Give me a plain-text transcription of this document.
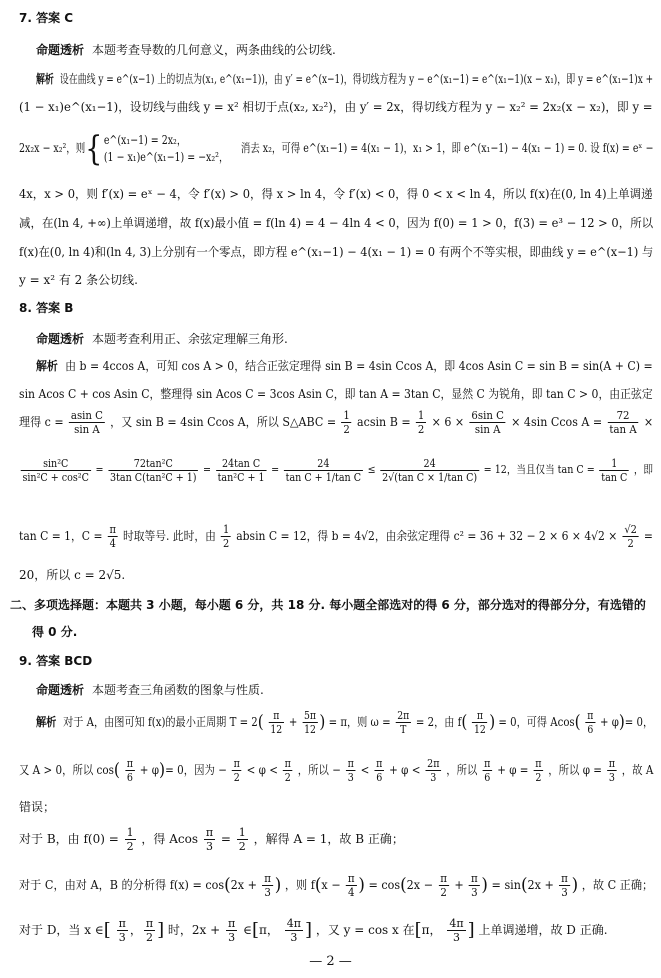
7. 答案 C
命题透析 本题考查导数的几何意义，两条曲线的公切线.
解析 设在曲线 y = e^(x−1) 上的切点为(x₁, e^(x₁−1))，由 y′ = e^(x−1)，得切线方程为 y − e^(x₁−1) = e^(x₁−1)(x − x₁)，即 y = e^(x₁−1)x +
(1 − x₁)e^(x₁−1)，设切线与曲线 y = x² 相切于点(x₂, x₂²)，由 y′ = 2x，得切线方程为 y − x₂² = 2x₂(x − x₂)，即 y =
2x₂x − x₂²，则{ e^(x₁−1) = 2x₂，
(1 − x₁)e^(x₁−1) = −x₂²，
消去 x₂，可得 e^(x₁−1) = 4(x₁ − 1)，x₁ > 1，即 e^(x₁−1) − 4(x₁ − 1) = 0. 设 f(x) = eˣ −
4x，x > 0，则 f′(x) = eˣ − 4，令 f′(x) > 0，得 x > ln 4，令 f′(x) < 0，得 0 < x < ln 4，所以 f(x)在(0, ln 4)上单调递
减，在(ln 4, +∞)上单调递增，故 f(x)最小值 = f(ln 4) = 4 − 4ln 4 < 0，因为 f(0) = 1 > 0，f(3) = e³ − 12 > 0，所以
f(x)在(0, ln 4)和(ln 4, 3)上分别有一个零点，即方程 e^(x₁−1) − 4(x₁ − 1) = 0 有两个不等实根，即曲线 y = e^(x−1) 与
y = x² 有 2 条公切线.
8. 答案 B
命题透析 本题考查利用正、余弦定理解三角形.
解析 由 b = 4ccos A，可知 cos A > 0，结合正弦定理得 sin B = 4sin Ccos A，即 4cos Asin C = sin B = sin(A + C) =
sin Acos C + cos Asin C，整理得 sin Acos C = 3cos Asin C，即 tan A = 3tan C，显然 C 为锐角，即 tan C > 0，由正弦定
理得 $c = \frac{\text{asin C}}{\text{sin A}}$ ，又 sin B = 4sin Ccos A，所以 S△ABC = $\frac{1}{2}$ acsin $B = \frac{1}{2} \times 6 \times \frac{\text{6sin C}}{\text{sin A}} \times 4\sin$ Ccos $A = \frac{72}{\text{tan A}}$ ×
$\frac{\text{sin²C}}{\text{sin²C + cos²C}} = \frac{\text{72tan²C}}{\text{3tan C(tan²C + 1)}} = \frac{\text{24tan C}}{\text{tan²C + 1}} = \frac{24}{\text{tan C + 1/tan C}} \le \frac{24}{\text{2√(tan C × 1/tan C)}} = 12$，当且仅当 $\tan C = \frac{1}{\text{tan C}}$ ，即
tan C = 1，$C = \frac{\pi}{4}$ 时取等号. 此时，由 $\frac{1}{2}$ absin C = 12，得 b = 4√2，由余弦定理得 $c^2 = 36 + 32 - 2 \times 6 \times 4√2 \times \frac{√2}{2}$ =
20，所以 c = 2√5.
二、多项选择题：本题共 3 小题，每小题 6 分，共 18 分. 每小题全部选对的得 6 分，部分选对的得部分分，有选错的
得 0 分.
9. 答案 BCD
命题透析 本题考查三角函数的图象与性质.
解析 对于 A，由图可知 f(x)的最小正周期 $T = 2( \frac{\pi}{12} + \frac{5\pi}{12}$ ) = π，则 $\omega = \frac{2\pi}{T} = 2$，由 $f( \frac{\pi}{12}$ ) = 0，可得 $Acos( \frac{\pi}{6} + \varphi)= 0$，
又 A > 0，所以 $\cos( \frac{\pi}{6} + \varphi)= 0$，因为 − $\frac{\pi}{2} < \varphi < \frac{\pi}{2}$ ，所以 − $\frac{\pi}{3} < \frac{\pi}{6} + \varphi < \frac{2\pi}{3}$ ，所以 $\frac{\pi}{6} + \varphi = \frac{\pi}{2}$ ，所以 $\varphi = \frac{\pi}{3}$ ，故 A
错误；
对于 B，由 $f(0) = \frac{1}{2}$ ，得 Acos $\frac{\pi}{3} = \frac{1}{2}$ ，解得 A = 1，故 B 正确；
对于 C，由对 A，B 的分析得 $f(x) = \cos(2x + \frac{\pi}{3}$ ) ，则 $f(x - \frac{\pi}{4}$ ) = $\cos(2x - \frac{\pi}{2} + \frac{\pi}{3}$ ) = $\sin(2x + \frac{\pi}{3}$ ) ，故 C 正确；
对于 D，当 x ∈[ $\frac{\pi}{3}$ ， $\frac{\pi}{2}$ ] 时，$2x + \frac{\pi}{3}$ ∈[π， $\frac{4\pi}{3}$ ] ，又 y = cos x 在[π， $\frac{4\pi}{3}$ ] 上单调递增，故 D 正确.
— 2 —
